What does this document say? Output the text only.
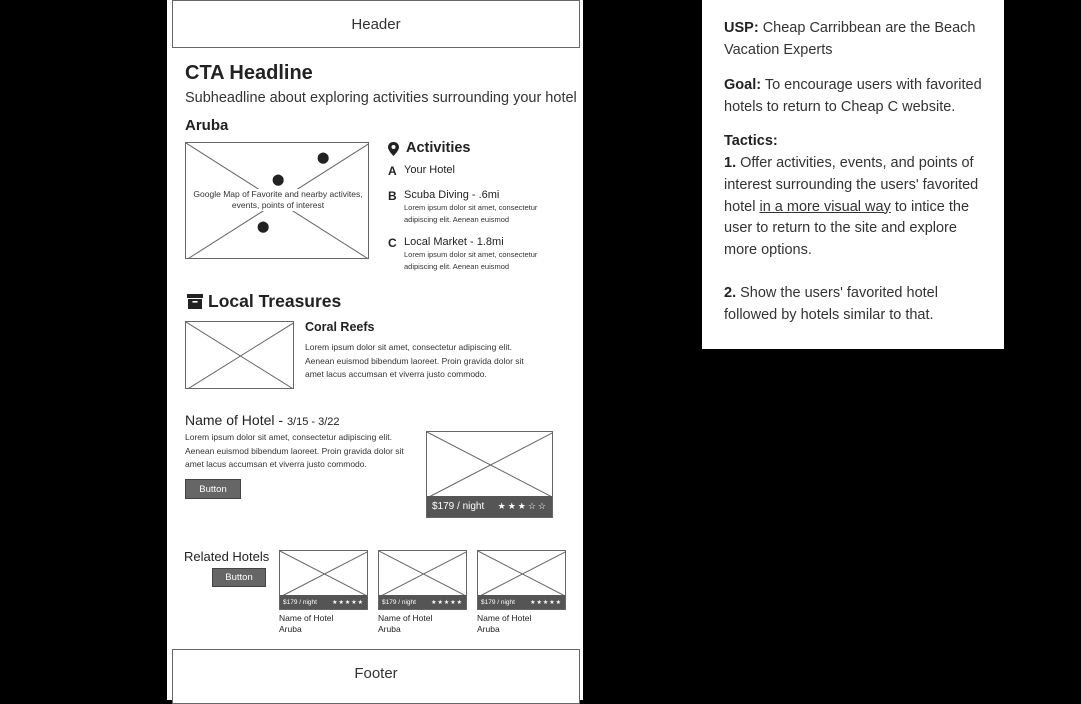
Header
CTA Headline
Subheadline about exploring activities surrounding your hotel
Aruba
Google Map of Favorite and nearby activites, events, points of interest
⬤
⬤
⬤
Activities
A Your Hotel
B Scuba Diving - .6mi
Lorem ipsum dolor sit amet, consectetur adipiscing elit. Aenean euismod
C Local Market - 1.8mi
Lorem ipsum dolor sit amet, consectetur adipiscing elit. Aenean euismod
Local Treasures
Coral Reefs
Lorem ipsum dolor sit amet, consectetur adipiscing elit. Aenean euismod bibendum laoreet. Proin gravida dolor sit amet lacus accumsan et viverra justo commodo.
Name of Hotel - 3/15 - 3/22
Lorem ipsum dolor sit amet, consectetur adipiscing elit. Aenean euismod bibendum laoreet. Proin gravida dolor sit amet lacus accumsan et viverra justo commodo.
Button
$179 / night ★★★☆☆
Related Hotels
Button
$179 / night	★★★★★
Name of Hotel
Aruba
$179 / night	★★★★★
Name of Hotel
Aruba
$179 / night	★★★★★
Name of Hotel
Aruba
Footer

USP: Cheap Carribbean are the Beach Vacation Experts

Goal: To encourage users with favorited hotels to return to Cheap C website.

Tactics:

1. Offer activities, events, and points of interest surrounding the users' favorited hotel in a more visual way to intice the user to return to the site and explore more options.

2. Show the users' favorited hotel followed by hotels similar to that.
